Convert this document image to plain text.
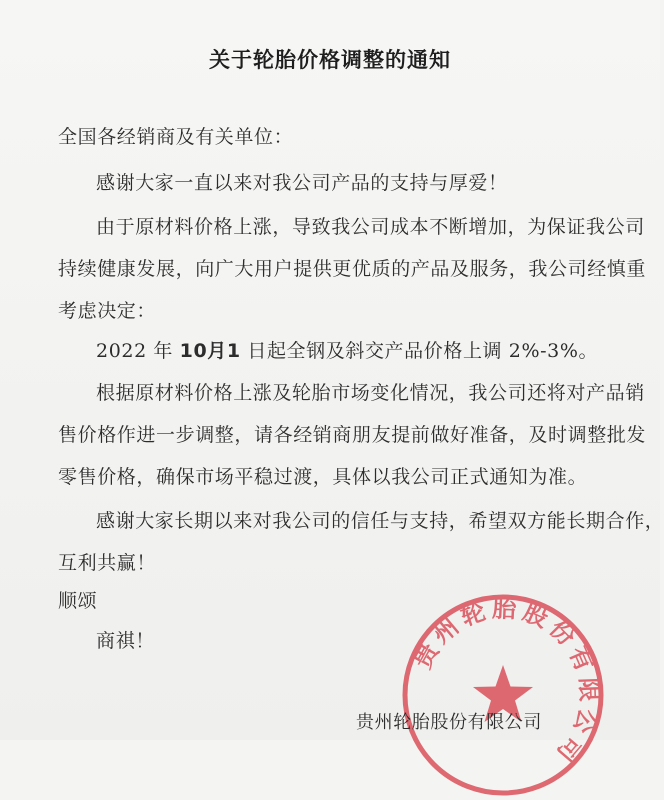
关于轮胎价格调整的通知
全国各经销商及有关单位：
感谢大家一直以来对我公司产品的支持与厚爱！
由于原材料价格上涨，导致我公司成本不断增加，为保证我公司
持续健康发展，向广大用户提供更优质的产品及服务，我公司经慎重
考虑决定：
2022 年 10月1 日起全钢及斜交产品价格上调 2%-3%。
根据原材料价格上涨及轮胎市场变化情况，我公司还将对产品销
售价格作进一步调整，请各经销商朋友提前做好准备，及时调整批发
零售价格，确保市场平稳过渡，具体以我公司正式通知为准。
感谢大家长期以来对我公司的信任与支持，希望双方能长期合作，
互利共赢！
顺颂
商祺！	贵州轮胎股份有限公司
贵州轮胎股份有限公司
